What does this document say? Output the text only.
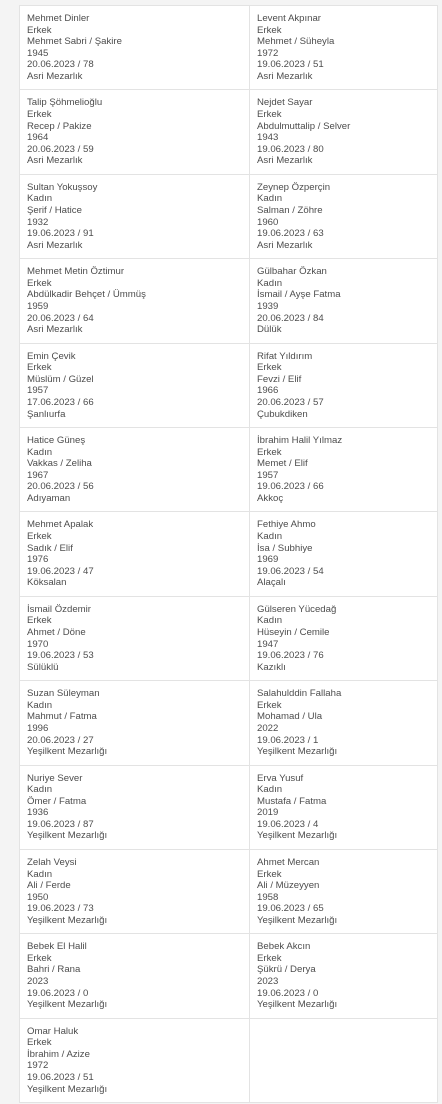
Mehmet Dinler
Erkek
Mehmet Sabri / Şakire
1945
20.06.2023 / 78
Asri Mezarlık
Levent Akpınar
Erkek
Mehmet / Süheyla
1972
19.06.2023 / 51
Asri Mezarlık
Talip Şöhmelioğlu
Erkek
Recep / Pakize
1964
20.06.2023 / 59
Asri Mezarlık
Nejdet Sayar
Erkek
Abdulmuttalip / Selver
1943
19.06.2023 / 80
Asri Mezarlık
Sultan Yokuşsoy
Kadın
Şerif / Hatice
1932
19.06.2023 / 91
Asri Mezarlık
Zeynep Özperçin
Kadın
Salman / Zöhre
1960
19.06.2023 / 63
Asri Mezarlık
Mehmet Metin Öztimur
Erkek
Abdülkadir Behçet / Ümmüş
1959
20.06.2023 / 64
Asri Mezarlık
Gülbahar Özkan
Kadın
İsmail / Ayşe Fatma
1939
20.06.2023 / 84
Dülük
Emin Çevik
Erkek
Müslüm / Güzel
1957
17.06.2023 / 66
Şanlıurfa
Rifat Yıldırım
Erkek
Fevzi / Elif
1966
20.06.2023 / 57
Çubukdiken
Hatice Güneş
Kadın
Vakkas / Zeliha
1967
20.06.2023 / 56
Adıyaman
İbrahim Halil Yılmaz
Erkek
Memet / Elif
1957
19.06.2023 / 66
Akkoç
Mehmet Apalak
Erkek
Sadık / Elif
1976
19.06.2023 / 47
Köksalan
Fethiye Ahmo
Kadın
İsa / Subhiye
1969
19.06.2023 / 54
Alaçalı
İsmail Özdemir
Erkek
Ahmet / Döne
1970
19.06.2023 / 53
Sülüklü
Gülseren Yücedağ
Kadın
Hüseyin / Cemile
1947
19.06.2023 / 76
Kazıklı
Suzan Süleyman
Kadın
Mahmut / Fatma
1996
20.06.2023 / 27
Yeşilkent Mezarlığı
Salahulddin Fallaha
Erkek
Mohamad / Ula
2022
19.06.2023 / 1
Yeşilkent Mezarlığı
Nuriye Sever
Kadın
Ömer / Fatma
1936
19.06.2023 / 87
Yeşilkent Mezarlığı
Erva Yusuf
Kadın
Mustafa / Fatma
2019
19.06.2023 / 4
Yeşilkent Mezarlığı
Zelah Veysi
Kadın
Ali / Ferde
1950
19.06.2023 / 73
Yeşilkent Mezarlığı
Ahmet Mercan
Erkek
Ali / Müzeyyen
1958
19.06.2023 / 65
Yeşilkent Mezarlığı
Bebek El Halil
Erkek
Bahri / Rana
2023
19.06.2023 / 0
Yeşilkent Mezarlığı
Bebek Akcın
Erkek
Şükrü / Derya
2023
19.06.2023 / 0
Yeşilkent Mezarlığı
Omar Haluk
Erkek
İbrahim / Azize
1972
19.06.2023 / 51
Yeşilkent Mezarlığı
